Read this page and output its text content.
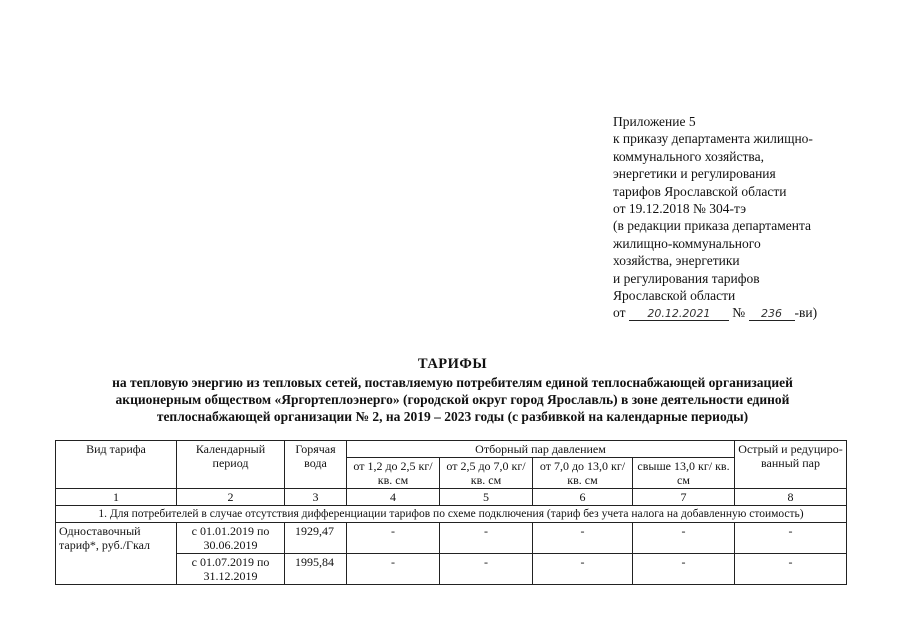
Приложение 5
к приказу департамента жилищно-
коммунального хозяйства,
энергетики и регулирования
тарифов Ярославской области
от 19.12.2018 № 304-тэ
(в редакции приказа департамента
жилищно-коммунального
хозяйства, энергетики
и регулирования тарифов
Ярославской области
от 20.12.2021 № 236 -ви)
ТАРИФЫ
на тепловую энергию из тепловых сетей, поставляемую потребителям единой теплоснабжающей организацией
акционерным обществом «Яргортеплоэнерго» (городской округ город Ярославль) в зоне деятельности единой
теплоснабжающей организации № 2, на 2019 – 2023 годы (с разбивкой на календарные периоды)
Вид тарифа	Календарный период	Горячая вода	Отборный пар давлением				Острый и редуциро-ванный пар
			от 1,2 до 2,5 кг/ кв. см	от 2,5 до 7,0 кг/ кв. см	от 7,0 до 13,0 кг/ кв. см	свыше 13,0 кг/ кв. см	
1	2	3	4	5	6	7	8
1. Для потребителей в случае отсутствия дифференциации тарифов по схеме подключения (тариф без учета налога на добавленную стоимость)							
Одноставочный тариф*, руб./Гкал	с 01.01.2019 по 30.06.2019	1929,47	-	-	-	-	-
	с 01.07.2019 по 31.12.2019	1995,84	-	-	-	-	-
